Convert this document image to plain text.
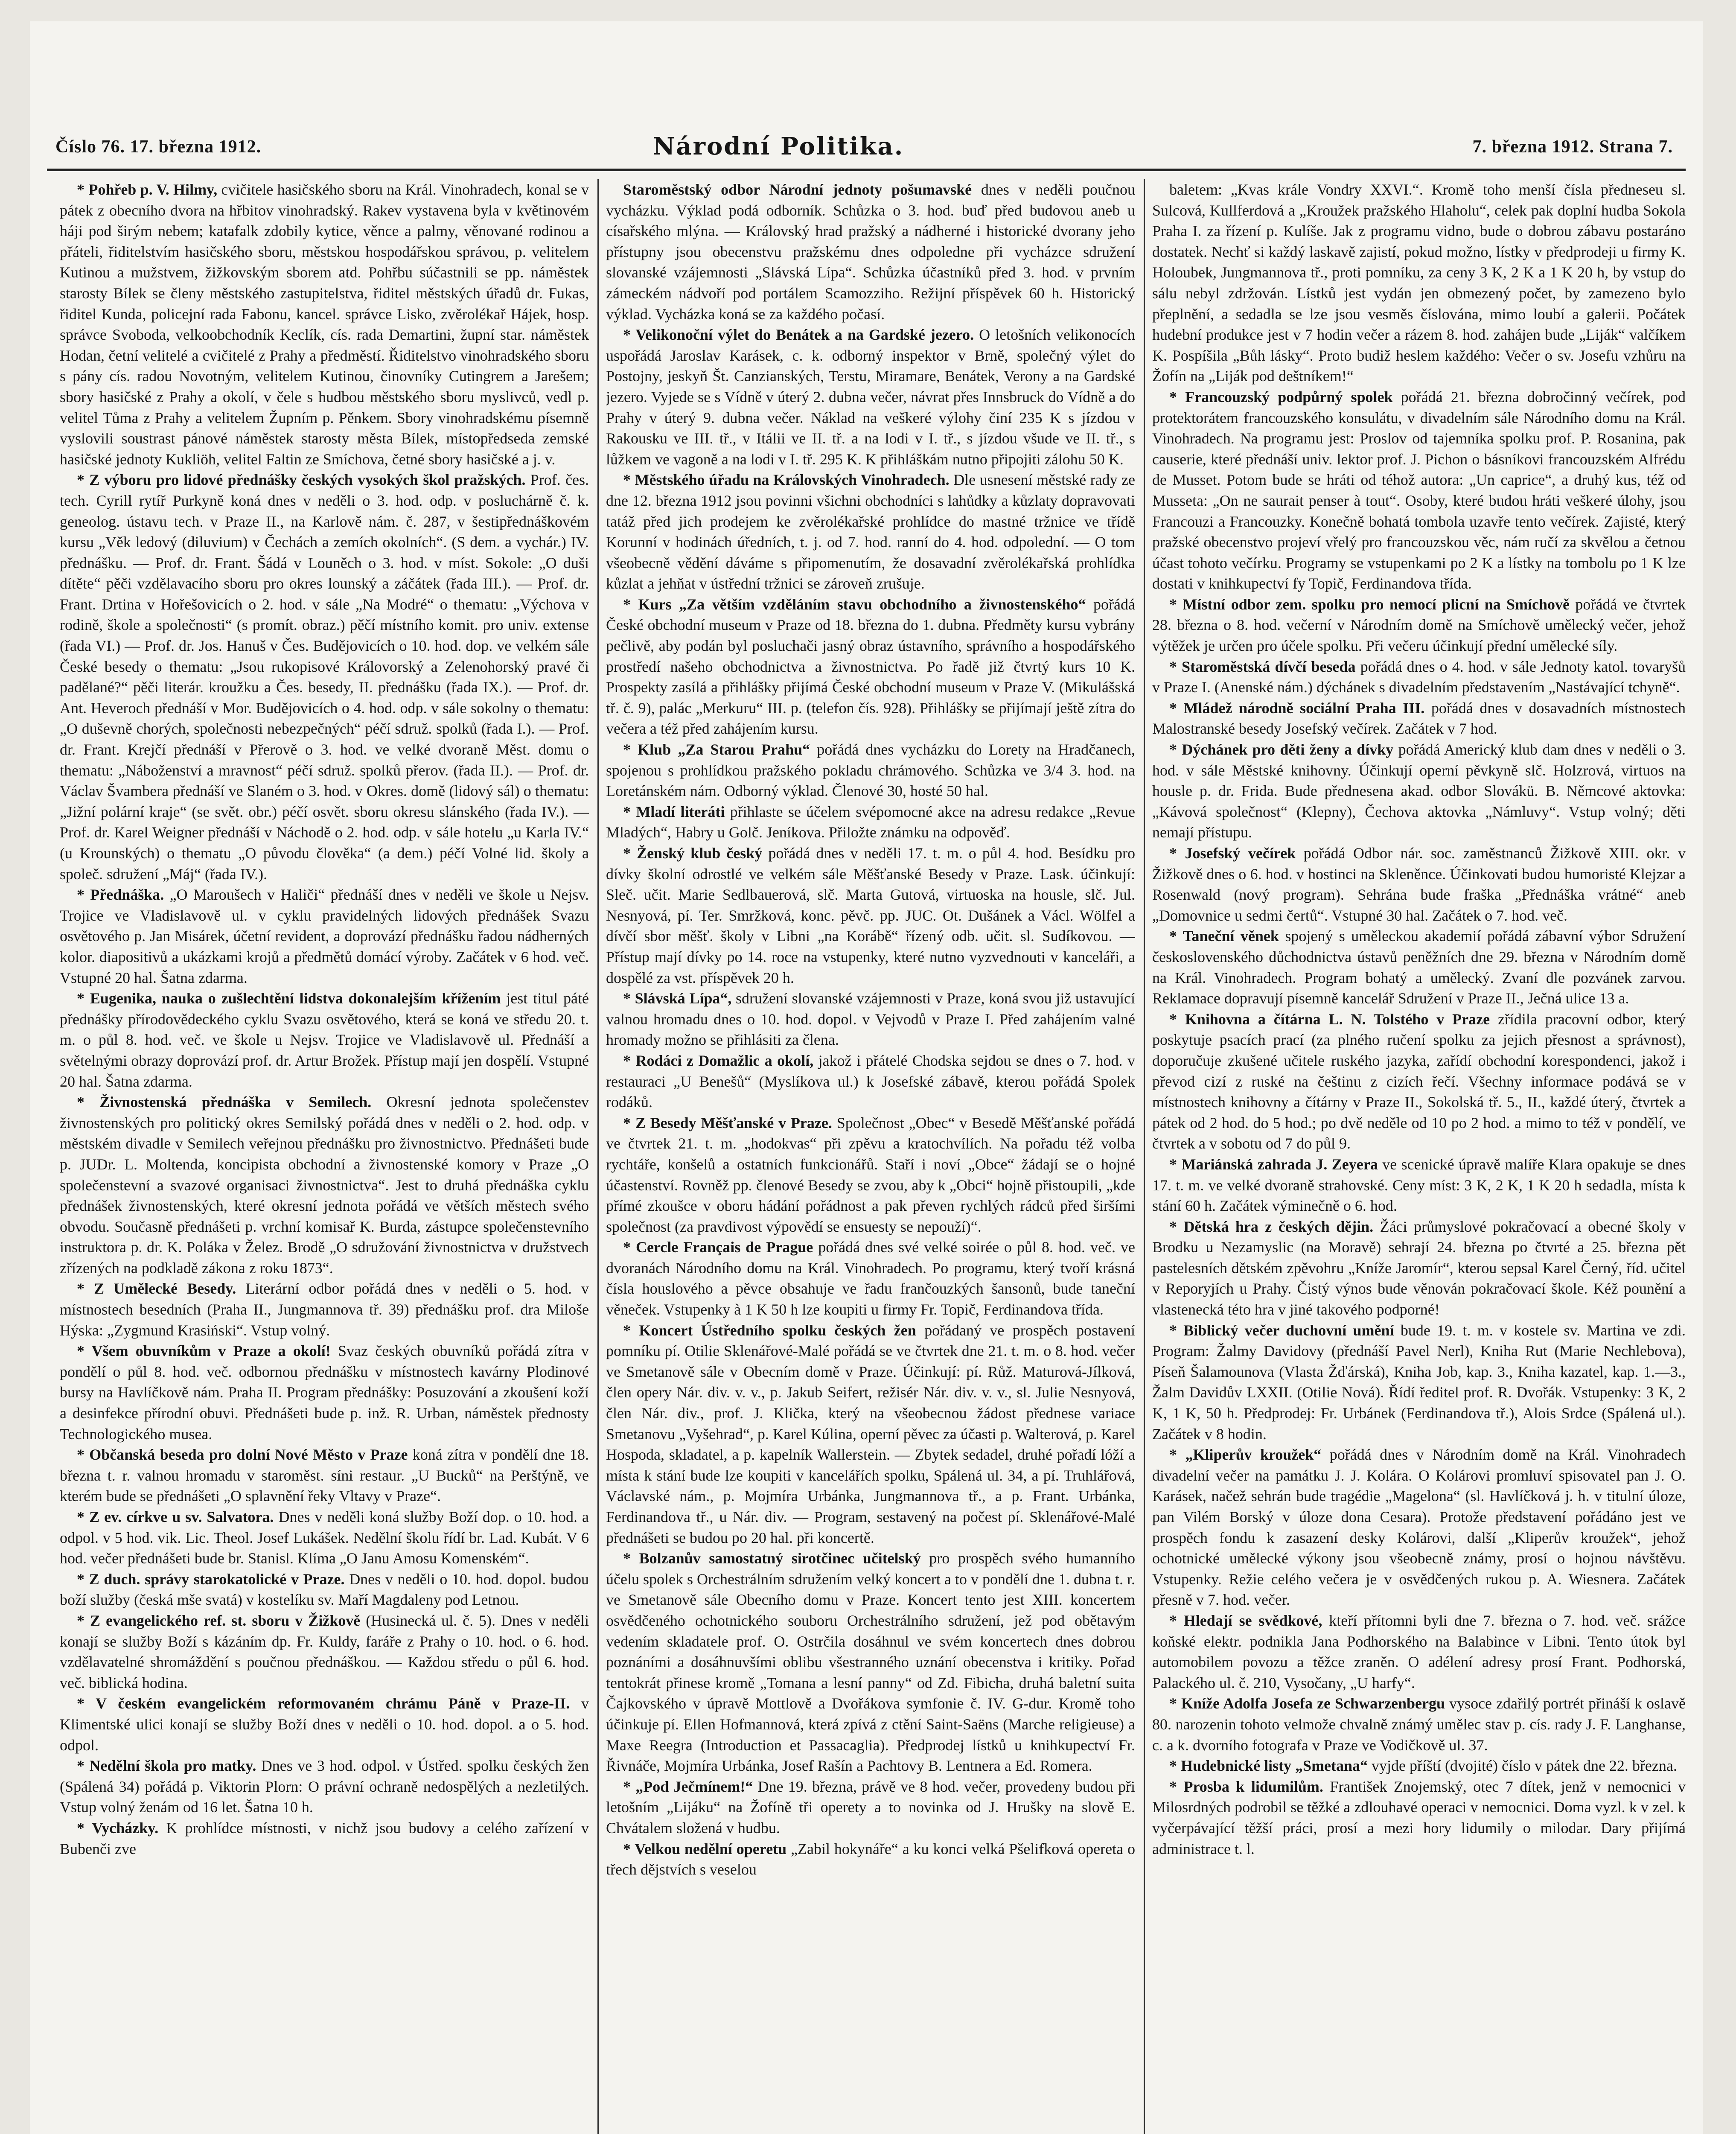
Číslo 76. 17. března 1912.	Národní Politika.	7. března 1912. Strana 7.

* Pohřeb p. V. Hilmy, cvičitele hasičského sboru na Král. Vinohradech, konal se v pátek z obecního dvora na hřbitov vinohradský. Rakev vystavena byla v květinovém háji pod širým nebem; katafalk zdobily kytice, věnce a palmy, věnované rodinou a přáteli, řiditelstvím hasičského sboru, městskou hospodářskou správou, p. velitelem Kutinou a mužstvem, žižkovským sborem atd. Pohřbu súčastnili se pp. náměstek starosty Bílek se členy městského zastupitelstva, řiditel městských úřadů dr. Fukas, řiditel Kunda, policejní rada Fabonu, kancel. správce Lisko, zvěrolékař Hájek, hosp. správce Svoboda, velkoobchodník Keclík, cís. rada Demartini, župní star. náměstek Hodan, četní velitelé a cvičitelé z Prahy a předměstí. Řiditelstvo vinohradského sboru s pány cís. radou Novotným, velitelem Kutinou, činovníky Cutingrem a Jarešem; sbory hasičské z Prahy a okolí, v čele s hudbou městského sboru myslivců, vedl p. velitel Tůma z Prahy a velitelem Župním p. Pěnkem. Sbory vinohradskému písemně vyslovili soustrast pánové náměstek starosty města Bílek, místopředseda zemské hasičské jednoty Kukliöh, velitel Faltin ze Smíchova, četné sbory hasičské a j. v.

* Z výboru pro lidové přednášky českých vysokých škol pražských. Prof. čes. tech. Cyrill rytíř Purkyně koná dnes v neděli o 3. hod. odp. v posluchárně č. k. geneolog. ústavu tech. v Praze II., na Karlově nám. č. 287, v šestipřednáškovém kursu „Věk ledový (diluvium) v Čechách a zemích okolních“. (S dem. a vychár.) IV. přednášku. — Prof. dr. Frant. Šádá v Louněch o 3. hod. v míst. Sokole: „O duši dítěte“ pěči vzdělavacího sboru pro okres lounský a záčátek (řada III.). — Prof. dr. Frant. Drtina v Hořešovicích o 2. hod. v sále „Na Modré“ o thematu: „Výchova v rodině, škole a společnosti“ (s promít. obraz.) pěčí místního komit. pro univ. extense (řada VI.) — Prof. dr. Jos. Hanuš v Čes. Budějovicích o 10. hod. dop. ve velkém sále České besedy o thematu: „Jsou rukopisové Královorský a Zelenohorský pravé či padělané?“ pěči literár. kroužku a Čes. besedy, II. přednášku (řada IX.). — Prof. dr. Ant. Heveroch přednáší v Mor. Budějovicích o 4. hod. odp. v sále sokolny o thematu: „O duševně chorých, společnosti nebezpečných“ péčí sdruž. spolků (řada I.). — Prof. dr. Frant. Krejčí přednáší v Přerově o 3. hod. ve velké dvoraně Měst. domu o thematu: „Náboženství a mravnost“ péčí sdruž. spolků přerov. (řada II.). — Prof. dr. Václav Švambera přednáší ve Slaném o 3. hod. v Okres. domě (lidový sál) o thematu: „Jižní polární kraje“ (se svět. obr.) péčí osvět. sboru okresu slánského (řada IV.). — Prof. dr. Karel Weigner přednáší v Náchodě o 2. hod. odp. v sále hotelu „u Karla IV.“ (u Krounských) o thematu „O původu člověka“ (a dem.) péčí Volné lid. školy a společ. sdružení „Máj“ (řada IV.).

* Přednáška. „O Maroušech v Haliči“ přednáší dnes v neděli ve škole u Nejsv. Trojice ve Vladislavově ul. v cyklu pravidelných lidových přednášek Svazu osvětového p. Jan Misárek, účetní revident, a doprovází přednášku řadou nádherných kolor. diapositivů a ukázkami krojů a předmětů domácí výroby. Začátek v 6 hod. več. Vstupné 20 hal. Šatna zdarma.

* Eugenika, nauka o zušlechtění lidstva dokonalejším křížením jest titul páté přednášky přírodovědeckého cyklu Svazu osvětového, která se koná ve středu 20. t. m. o půl 8. hod. več. ve škole u Nejsv. Trojice ve Vladislavově ul. Přednáší a světelnými obrazy doprovází prof. dr. Artur Brožek. Přístup mají jen dospělí. Vstupné 20 hal. Šatna zdarma.

* Živnostenská přednáška v Semilech. Okresní jednota společenstev živnostenských pro politický okres Semilský pořádá dnes v neděli o 2. hod. odp. v městském divadle v Semilech veřejnou přednášku pro živnostnictvo. Přednášeti bude p. JUDr. L. Moltenda, koncipista obchodní a živnostenské komory v Praze „O společenstevní a svazové organisaci živnostnictva“. Jest to druhá přednáška cyklu přednášek živnostenských, které okresní jednota pořádá ve větších městech svého obvodu. Současně přednášeti p. vrchní komisař K. Burda, zástupce společenstevního instruktora p. dr. K. Poláka v Želez. Brodě „O sdružování živnostnictva v družstvech zřízených na podkladě zákona z roku 1873“.

* Z Umělecké Besedy. Literární odbor pořádá dnes v neděli o 5. hod. v místnostech besedních (Praha II., Jungmannova tř. 39) přednášku prof. dra Miloše Hýska: „Zygmund Krasiński“. Vstup volný.

* Všem obuvníkům v Praze a okolí! Svaz českých obuvníků pořádá zítra v pondělí o půl 8. hod. več. odbornou přednášku v místnostech kavárny Plodinové bursy na Havlíčkově nám. Praha II. Program přednášky: Posuzování a zkoušení koží a desinfekce přírodní obuvi. Přednášeti bude p. inž. R. Urban, náměstek přednosty Technologického musea.

* Občanská beseda pro dolní Nové Město v Praze koná zítra v pondělí dne 18. března t. r. valnou hromadu v staroměst. síni restaur. „U Bucků“ na Perštýně, ve kterém bude se přednášeti „O splavnění řeky Vltavy v Praze“.

* Z ev. církve u sv. Salvatora. Dnes v neděli koná služby Boží dop. o 10. hod. a odpol. v 5 hod. vik. Lic. Theol. Josef Lukášek. Nedělní školu řídí br. Lad. Kubát. V 6 hod. večer přednášeti bude br. Stanisl. Klíma „O Janu Amosu Komenském“.

* Z duch. správy starokatolické v Praze. Dnes v neděli o 10. hod. dopol. budou boží služby (česká mše svatá) v kostelíku sv. Maří Magdaleny pod Letnou.

* Z evangelického ref. st. sboru v Žižkově (Husinecká ul. č. 5). Dnes v neděli konají se služby Boží s kázáním dp. Fr. Kuldy, faráře z Prahy o 10. hod. o 6. hod. vzdělavatelné shromáždění s poučnou přednáškou. — Každou středu o půl 6. hod. več. biblická hodina.

* V českém evangelickém reformovaném chrámu Páně v Praze-II. v Klimentské ulici konají se služby Boží dnes v neděli o 10. hod. dopol. a o 5. hod. odpol.

* Nedělní škola pro matky. Dnes ve 3 hod. odpol. v Ústřed. spolku českých žen (Spálená 34) pořádá p. Viktorin Plorn: O právní ochraně nedospělých a nezletilých. Vstup volný ženám od 16 let. Šatna 10 h.

* Vycházky. K prohlídce místnosti, v nichž jsou budovy a celého zařízení v Bubenči zve

Staroměstský odbor Národní jednoty pošumavské dnes v neděli poučnou vycházku. Výklad podá odborník. Schůzka o 3. hod. buď před budovou aneb u císařského mlýna. — Královský hrad pražský a nádherné i historické dvorany jeho přístupny jsou obecenstvu pražskému dnes odpoledne při vycházce sdružení slovanské vzájemnosti „Slávská Lípa“. Schůzka účastníků před 3. hod. v prvním zámeckém nádvoří pod portálem Scamozziho. Režijní příspěvek 60 h. Historický výklad. Vycházka koná se za každého počasí.

* Velikonoční výlet do Benátek a na Gardské jezero. O letošních velikonocích uspořádá Jaroslav Karásek, c. k. odborný inspektor v Brně, společný výlet do Postojny, jeskyň Št. Canzianských, Terstu, Miramare, Benátek, Verony a na Gardské jezero. Vyjede se s Vídně v úterý 2. dubna večer, návrat přes Innsbruck do Vídně a do Prahy v úterý 9. dubna večer. Náklad na veškeré výlohy činí 235 K s jízdou v Rakousku ve III. tř., v Itálii ve II. tř. a na lodi v I. tř., s jízdou všude ve II. tř., s lůžkem ve vagoně a na lodi v I. tř. 295 K. K přihláškám nutno připojiti zálohu 50 K.

* Městského úřadu na Královských Vinohradech. Dle usnesení městské rady ze dne 12. března 1912 jsou povinni všichni obchodníci s lahůdky a kůzlaty dopravovati tatáž před jich prodejem ke zvěrolékařské prohlídce do mastné tržnice ve třídě Korunní v hodinách úředních, t. j. od 7. hod. ranní do 4. hod. odpolední. — O tom všeobecně vědění dáváme s připomenutím, že dosavadní zvěrolékařská prohlídka kůzlat a jehňat v ústřední tržnici se zároveň zrušuje.

* Kurs „Za větším vzděláním stavu obchodního a živnostenského“ pořádá České obchodní museum v Praze od 18. března do 1. dubna. Předměty kursu vybrány pečlivě, aby podán byl posluchači jasný obraz ústavního, správního a hospodářského prostředí našeho obchodnictva a živnostnictva. Po řadě již čtvrtý kurs 10 K. Prospekty zasílá a přihlášky přijímá České obchodní museum v Praze V. (Mikulášská tř. č. 9), palác „Merkuru“ III. p. (telefon čís. 928). Přihlášky se přijímají ještě zítra do večera a též před zahájením kursu.

* Klub „Za Starou Prahu“ pořádá dnes vycházku do Lorety na Hradčanech, spojenou s prohlídkou pražského pokladu chrámového. Schůzka ve 3/4 3. hod. na Loretánském nám. Odborný výklad. Členové 30, hosté 50 hal.

* Mladí literáti přihlaste se účelem svépomocné akce na adresu redakce „Revue Mladých“, Habry u Golč. Jeníkova. Přiložte známku na odpověď.

* Ženský klub český pořádá dnes v neděli 17. t. m. o půl 4. hod. Besídku pro dívky školní odrostlé ve velkém sále Měšťanské Besedy v Praze. Lask. účinkují: Sleč. učit. Marie Sedlbauerová, slč. Marta Gutová, virtuoska na housle, slč. Jul. Nesnyová, pí. Ter. Smržková, konc. pěvč. pp. JUC. Ot. Dušánek a Václ. Wölfel a dívčí sbor měšť. školy v Libni „na Korábě“ řízený odb. učit. sl. Sudíkovou. — Přístup mají dívky po 14. roce na vstupenky, které nutno vyzvednouti v kanceláři, a dospělé za vst. příspěvek 20 h.

* Slávská Lípa“, sdružení slovanské vzájemnosti v Praze, koná svou již ustavující valnou hromadu dnes o 10. hod. dopol. v Vejvodů v Praze I. Před zahájením valné hromady možno se přihlásiti za člena.

* Rodáci z Domažlic a okolí, jakož i přátelé Chodska sejdou se dnes o 7. hod. v restauraci „U Benešů“ (Myslíkova ul.) k Josefské zábavě, kterou pořádá Spolek rodáků.

* Z Besedy Měšťanské v Praze. Společnost „Obec“ v Besedě Měšťanské pořádá ve čtvrtek 21. t. m. „hodokvas“ při zpěvu a kratochvílích. Na pořadu též volba rychtáře, konšelů a ostatních funkcionářů. Staří i noví „Obce“ žádají se o hojné účastenství. Rovněž pp. členové Besedy se zvou, aby k „Obci“ hojně přistoupili, „kde přímé zkoušce v oboru hádání pořádnost a pak převen rychlých rádců před širšími společnost (za pravdivost výpovědí se ensuesty se nepouží)“.

* Cercle Français de Prague pořádá dnes své velké soirée o půl 8. hod. več. ve dvoranách Národního domu na Král. Vinohradech. Po programu, který tvoří krásná čísla houslového a pěvce obsahuje ve řadu frančouzkých šansonů, bude taneční věneček. Vstupenky à 1 K 50 h lze koupiti u firmy Fr. Topič, Ferdinandova třída.

* Koncert Ústředního spolku českých žen pořádaný ve prospěch postavení pomníku pí. Otilie Sklenářové-Malé pořádá se ve čtvrtek dne 21. t. m. o 8. hod. večer ve Smetanově sále v Obecním domě v Praze. Účinkují: pí. Růž. Maturová-Jílková, člen opery Nár. div. v. v., p. Jakub Seifert, režisér Nár. div. v. v., sl. Julie Nesnyová, člen Nár. div., prof. J. Klička, který na všeobecnou žádost přednese variace Smetanovu „Vyšehrad“, p. Karel Kúlina, operní pěvec za účasti p. Walterová, p. Karel Hospoda, skladatel, a p. kapelník Wallerstein. — Zbytek sedadel, druhé pořadí lóží a místa k stání bude lze koupiti v kancelářích spolku, Spálená ul. 34, a pí. Truhlářová, Václavské nám., p. Mojmíra Urbánka, Jungmannova tř., a p. Frant. Urbánka, Ferdinandova tř., u Nár. div. — Program, sestavený na počest pí. Sklenářové-Malé přednášeti se budou po 20 hal. při koncertě.

* Bolzanův samostatný sirotčinec učitelský pro prospěch svého humanního účelu spolek s Orchestrálním sdružením velký koncert a to v pondělí dne 1. dubna t. r. ve Smetanově sále Obecního domu v Praze. Koncert tento jest XIII. koncertem osvědčeného ochotnického souboru Orchestrálního sdružení, jež pod obětavým vedením skladatele prof. O. Ostrčila dosáhnul ve svém koncertech dnes dobrou poznáními a dosáhnuvšími oblibu všestranného uznání obecenstva i kritiky. Pořad tentokrát přinese kromě „Tomana a lesní panny“ od Zd. Fibicha, druhá baletní suita Čajkovského v úpravě Mottlově a Dvořákova symfonie č. IV. G-dur. Kromě toho účinkuje pí. Ellen Hofmannová, která zpívá z ctění Saint-Saëns (Marche religieuse) a Maxe Reegra (Introduction et Passacaglia). Předprodej lístků u knihkupectví Fr. Řivnáče, Mojmíra Urbánka, Josef Rašín a Pachtovy B. Lentnera a Ed. Romera.

* „Pod Ječmínem!“ Dne 19. března, právě ve 8 hod. večer, provedeny budou při letošním „Lijáku“ na Žofíně tři operety a to novinka od J. Hrušky na slově E. Chvátalem složená v hudbu.

* Velkou nedělní operetu „Zabil hokynáře“ a ku konci velká Pšelifková opereta o třech dějstvích s veselou

baletem: „Kvas krále Vondry XXVI.“. Kromě toho menší čísla předneseu sl. Sulcová, Kullferdová a „Kroužek pražského Hlaholu“, celek pak doplní hudba Sokola Praha I. za řízení p. Kulíše. Jak z programu vidno, bude o dobrou zábavu postaráno dostatek. Nechť si každý laskavě zajistí, pokud možno, lístky v předprodeji u firmy K. Holoubek, Jungmannova tř., proti pomníku, za ceny 3 K, 2 K a 1 K 20 h, by vstup do sálu nebyl zdržován. Lístků jest vydán jen obmezený počet, by zamezeno bylo přeplnění, a sedadla se lze jsou vesměs číslována, mimo loubí a galerii. Počátek hudební produkce jest v 7 hodin večer a rázem 8. hod. zahájen bude „Liják“ valčíkem K. Pospíšila „Bůh lásky“. Proto budiž heslem každého: Večer o sv. Josefu vzhůru na Žofín na „Liják pod deštníkem!“

* Francouzský podpůrný spolek pořádá 21. března dobročinný večírek, pod protektorátem francouzského konsulátu, v divadelním sále Národního domu na Král. Vinohradech. Na programu jest: Proslov od tajemníka spolku prof. P. Rosanina, pak causerie, které přednáší univ. lektor prof. J. Pichon o básníkovi francouzském Alfrédu de Musset. Potom bude se hráti od téhož autora: „Un caprice“, a druhý kus, též od Musseta: „On ne saurait penser à tout“. Osoby, které budou hráti veškeré úlohy, jsou Francouzi a Francouzky. Konečně bohatá tombola uzavře tento večírek. Zajisté, který pražské obecenstvo projeví vřelý pro francouzskou věc, nám ručí za skvělou a četnou účast tohoto večírku. Programy se vstupenkami po 2 K a lístky na tombolu po 1 K lze dostati v knihkupectví fy Topič, Ferdinandova třída.

* Místní odbor zem. spolku pro nemocí plicní na Smíchově pořádá ve čtvrtek 28. března o 8. hod. večerní v Národním domě na Smíchově umělecký večer, jehož výtěžek je určen pro účele spolku. Při večeru účinkují přední umělecké síly.

* Staroměstská dívčí beseda pořádá dnes o 4. hod. v sále Jednoty katol. tovaryšů v Praze I. (Anenské nám.) dýchánek s divadelním představením „Nastávající tchyně“.

* Mládež národně sociální Praha III. pořádá dnes v dosavadních místnostech Malostranské besedy Josefský večírek. Začátek v 7 hod.

* Dýchánek pro děti ženy a dívky pořádá Americký klub dam dnes v neděli o 3. hod. v sále Městské knihovny. Účinkují operní pěvkyně slč. Holzrová, virtuos na housle p. dr. Frida. Bude přednesena akad. odbor Slovákü. B. Němcové aktovka: „Kávová společnost“ (Klepny), Čechova aktovka „Námluvy“. Vstup volný; děti nemají přístupu.

* Josefský večírek pořádá Odbor nár. soc. zaměstnanců Žižkově XIII. okr. v Žižkově dnes o 6. hod. v hostinci na Skleněnce. Účinkovati budou humoristé Klejzar a Rosenwald (nový program). Sehrána bude fraška „Přednáška vrátné“ aneb „Domovnice u sedmi čertů“. Vstupné 30 hal. Začátek o 7. hod. več.

* Taneční věnek spojený s uměleckou akademií pořádá zábavní výbor Sdružení československého důchodnictva ústavů peněžních dne 29. března v Národním domě na Král. Vinohradech. Program bohatý a umělecký. Zvaní dle pozvánek zarvou. Reklamace dopravují písemně kancelář Sdružení v Praze II., Ječná ulice 13 a.

* Knihovna a čítárna L. N. Tolstého v Praze zřídila pracovní odbor, který poskytuje psacích prací (za plného ručení spolku za jejich přesnost a správnost), doporučuje zkušené učitele ruského jazyka, zařídí obchodní korespondenci, jakož i převod cizí z ruské na češtinu z cizích řečí. Všechny informace podává se v místnostech knihovny a čítárny v Praze II., Sokolská tř. 5., II., každé úterý, čtvrtek a pátek od 2 hod. do 5 hod.; po dvě neděle od 10 po 2 hod. a mimo to též v pondělí, ve čtvrtek a v sobotu od 7 do půl 9.

* Mariánská zahrada J. Zeyera ve scenické úpravě malíře Klara opakuje se dnes 17. t. m. ve velké dvoraně strahovské. Ceny míst: 3 K, 2 K, 1 K 20 h sedadla, místa k stání 60 h. Začátek výminečně o 6. hod.

* Dětská hra z českých dějin. Žáci průmyslové pokračovací a obecné školy v Brodku u Nezamyslic (na Moravě) sehrají 24. března po čtvrté a 25. března pět pastelesních dětském zpěvohru „Kníže Jaromír“, kterou sepsal Karel Černý, říd. učitel v Reporyjích u Prahy. Čistý výnos bude věnován pokračovací škole. Kéž pounění a vlastenecká této hra v jiné takového podporné!

* Biblický večer duchovní umění bude 19. t. m. v kostele sv. Martina ve zdi. Program: Žalmy Davidovy (přednáší Pavel Nerl), Kniha Rut (Marie Nechlebova), Píseň Šalamounova (Vlasta Žďárská), Kniha Job, kap. 3., Kniha kazatel, kap. 1.—3., Žalm Davidův LXXII. (Otilie Nová). Řídí ředitel prof. R. Dvořák. Vstupenky: 3 K, 2 K, 1 K, 50 h. Předprodej: Fr. Urbánek (Ferdinandova tř.), Alois Srdce (Spálená ul.). Začátek v 8 hodin.

* „Kliperův kroužek“ pořádá dnes v Národním domě na Král. Vinohradech divadelní večer na památku J. J. Kolára. O Kolárovi promluví spisovatel pan J. O. Karásek, načež sehrán bude tragédie „Magelona“ (sl. Havlíčková j. h. v titulní úloze, pan Vilém Borský v úloze dona Cesara). Protože představení pořádáno jest ve prospěch fondu k zasazení desky Kolárovi, další „Kliperův kroužek“, jehož ochotnické umělecké výkony jsou všeobecně známy, prosí o hojnou návštěvu. Vstupenky. Režie celého večera je v osvědčených rukou p. A. Wiesnera. Začátek přesně v 7. hod. večer.

* Hledají se svědkové, kteří přítomni byli dne 7. března o 7. hod. več. srážce koňské elektr. podnikla Jana Podhorského na Balabince v Libni. Tento útok byl automobilem povozu a těžce zraněn. O adélení adresy prosí Frant. Podhorská, Palackého ul. č. 210, Vysočany, „U harfy“.

* Kníže Adolfa Josefa ze Schwarzenbergu vysoce zdařilý portrét přináší k oslavě 80. narozenin tohoto velmože chvalně známý umělec stav p. cís. rady J. F. Langhanse, c. a k. dvorního fotografa v Praze ve Vodičkově ul. 37.

* Hudebnické listy „Smetana“ vyjde příští (dvojité) číslo v pátek dne 22. března.

* Prosba k lidumilům. František Znojemský, otec 7 dítek, jenž v nemocnici v Milosrdných podrobil se těžké a zdlouhavé operaci v nemocnici. Doma vyzl. k v zel. k vyčerpávající těžší práci, prosí a mezi hory lidumily o milodar. Dary přijímá administrace t. l.
